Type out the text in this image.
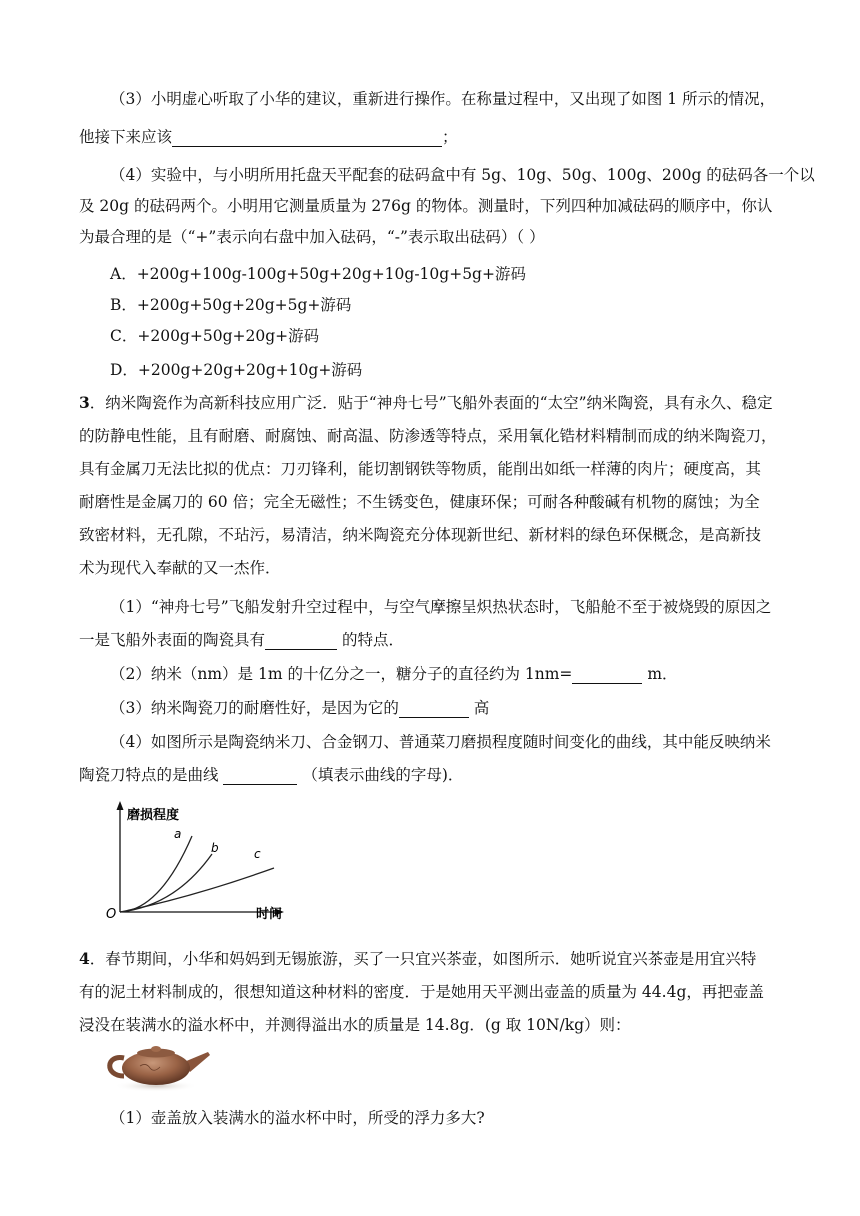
（3）小明虚心听取了小华的建议，重新进行操作。在称量过程中，又出现了如图 1 所示的情况，
他接下来应该	；
（4）实验中，与小明所用托盘天平配套的砝码盒中有 5g、10g、50g、100g、200g 的砝码各一个以
及 20g 的砝码两个。小明用它测量质量为 276g 的物体。测量时，下列四种加减砝码的顺序中，你认
为最合理的是（“+”表示向右盘中加入砝码，“-”表示取出砝码）（ ）
A．+200g+100g-100g+50g+20g+10g-10g+5g+游码
B．+200g+50g+20g+5g+游码
C．+200g+50g+20g+游码
D．+200g+20g+20g+10g+游码
3．纳米陶瓷作为高新科技应用广泛．贴于“神舟七号”飞船外表面的“太空”纳米陶瓷，具有永久、稳定
的防静电性能，且有耐磨、耐腐蚀、耐高温、防渗透等特点，采用氧化锆材料精制而成的纳米陶瓷刀，
具有金属刀无法比拟的优点：刀刃锋利，能切割钢铁等物质，能削出如纸一样薄的肉片；硬度高，其
耐磨性是金属刀的 60 倍；完全无磁性；不生锈变色，健康环保；可耐各种酸碱有机物的腐蚀；为全
致密材料，无孔隙，不玷污，易清洁，纳米陶瓷充分体现新世纪、新材料的绿色环保概念，是高新技
术为现代入奉献的又一杰作．
（1）“神舟七号”飞船发射升空过程中，与空气摩擦呈炽热状态时，飞船舱不至于被烧毁的原因之
一是飞船外表面的陶瓷具有	的特点．
（2）纳米（nm）是 1m 的十亿分之一，糖分子的直径约为 1nm=	m．
（3）纳米陶瓷刀的耐磨性好，是因为它的	高
（4）如图所示是陶瓷纳米刀、合金钢刀、普通菜刀磨损程度随时间变化的曲线，其中能反映纳米
陶瓷刀特点的是曲线	（填表示曲线的字母)．
磨损程度
时间
O
a
b	c
4．春节期间，小华和妈妈到无锡旅游，买了一只宜兴茶壶，如图所示．她听说宜兴茶壶是用宜兴特
有的泥土材料制成的，很想知道这种材料的密度．于是她用天平测出壶盖的质量为 44.4g，再把壶盖
浸没在装满水的溢水杯中，并测得溢出水的质量是 14.8g．(g 取 10N/kg）则：
（1）壶盖放入装满水的溢水杯中时，所受的浮力多大?
